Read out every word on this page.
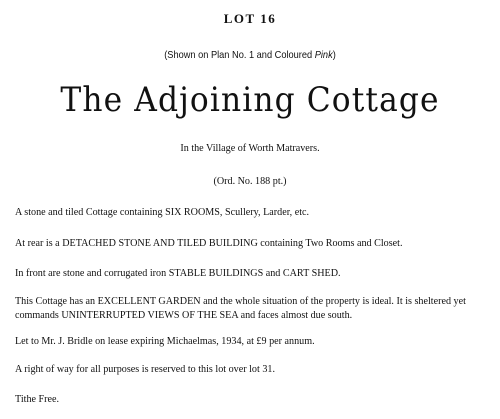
LOT 16
(Shown on Plan No. 1 and Coloured Pink)
The Adjoining Cottage
In the Village of Worth Matravers.
(Ord. No. 188 pt.)
A stone and tiled Cottage containing SIX ROOMS, Scullery, Larder, etc.
At rear is a DETACHED STONE AND TILED BUILDING containing Two Rooms and Closet.
In front are stone and corrugated iron STABLE BUILDINGS and CART SHED.
This Cottage has an EXCELLENT GARDEN and the whole situation of the property is ideal. It is sheltered yet commands UNINTERRUPTED VIEWS OF THE SEA and faces almost due south.
Let to Mr. J. Bridle on lease expiring Michaelmas, 1934, at £9 per annum.
A right of way for all purposes is reserved to this lot over lot 31.
Tithe Free.
